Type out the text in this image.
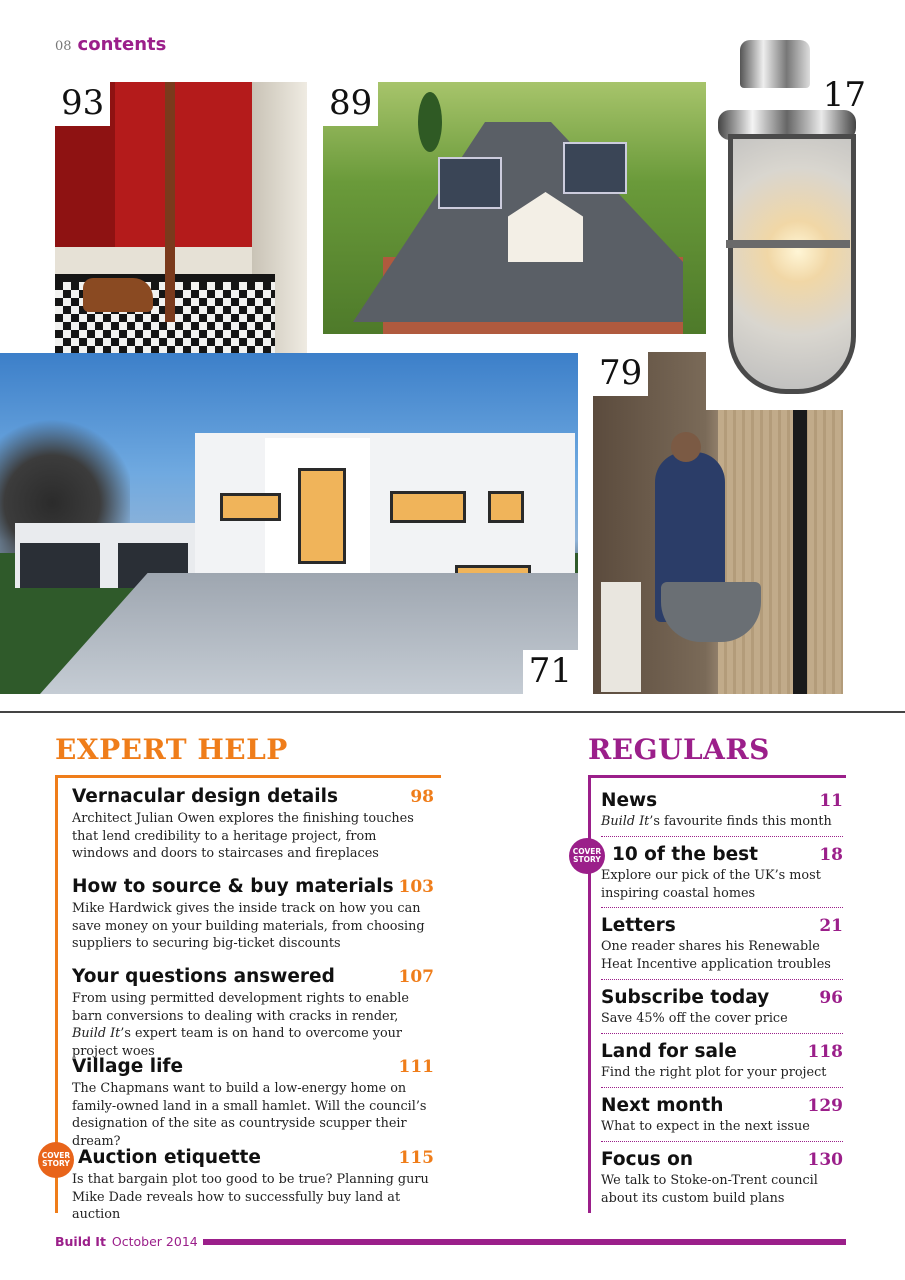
08 contents
93	89
79
71
17
EXPERT HELP	REGULARS
Vernacular design details	98
Architect Julian Owen explores the finishing touches that lend credibility to a heritage project, from windows and doors to staircases and fireplaces
How to source & buy materials 103
Mike Hardwick gives the inside track on how you can save money on your building materials, from choosing suppliers to securing big-ticket discounts
Your questions answered	107
From using permitted development rights to enable barn conversions to dealing with cracks in render, Build It’s expert team is on hand to overcome your project woes
Village life	111
The Chapmans want to build a low-energy home on family-owned land in a small hamlet. Will the council’s designation of the site as countryside scupper their dream?
COVER STORY Auction etiquette	115
Is that bargain plot too good to be true? Planning guru Mike Dade reveals how to successfully buy land at auction
News	11
Build It’s favourite finds this month
COVER STORY 10 of the best	18
Explore our pick of the UK’s most inspiring coastal homes
Letters	21
One reader shares his Renewable Heat Incentive application troubles
Subscribe today	96
Save 45% off the cover price
Land for sale	118
Find the right plot for your project
Next month	129
What to expect in the next issue
Focus on	130
We talk to Stoke-on-Trent council about its custom build plans
Build It October 2014
